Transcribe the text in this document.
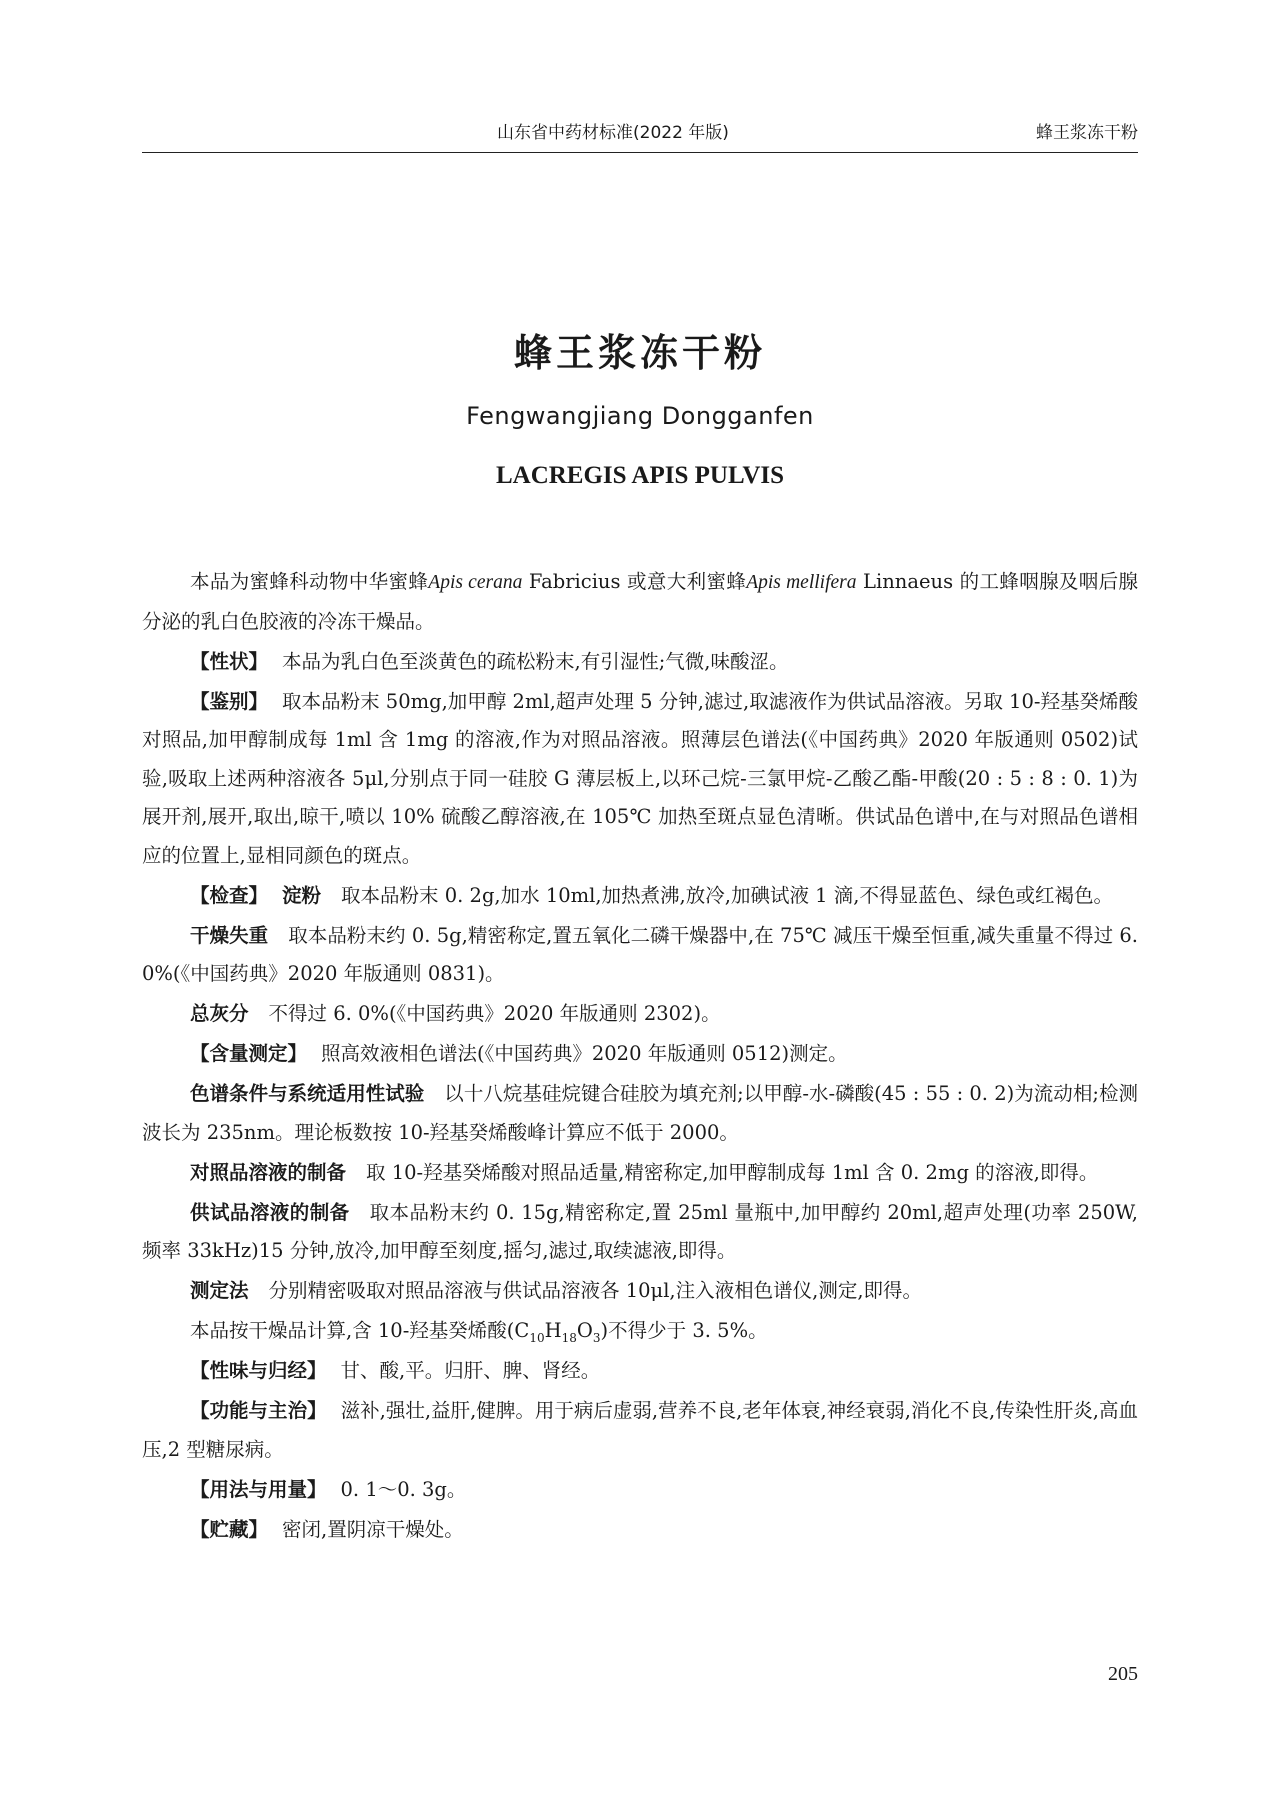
山东省中药材标准(2022 年版)	蜂王浆冻干粉
蜂王浆冻干粉
Fengwangjiang Dongganfen
LACREGIS APIS PULVIS

本品为蜜蜂科动物中华蜜蜂Apis cerana Fabricius 或意大利蜜蜂Apis mellifera Linnaeus 的工蜂咽腺及咽后腺分泌的乳白色胶液的冷冻干燥品。

【性状】 本品为乳白色至淡黄色的疏松粉末,有引湿性;气微,味酸涩。

【鉴别】 取本品粉末 50mg,加甲醇 2ml,超声处理 5 分钟,滤过,取滤液作为供试品溶液。另取 10-羟基癸烯酸对照品,加甲醇制成每 1ml 含 1mg 的溶液,作为对照品溶液。照薄层色谱法(《中国药典》2020 年版通则 0502)试验,吸取上述两种溶液各 5μl,分别点于同一硅胶 G 薄层板上,以环己烷-三氯甲烷-乙酸乙酯-甲酸(20 : 5 : 8 : 0. 1)为展开剂,展开,取出,晾干,喷以 10% 硫酸乙醇溶液,在 105℃ 加热至斑点显色清晰。供试品色谱中,在与对照品色谱相应的位置上,显相同颜色的斑点。

【检查】 淀粉 取本品粉末 0. 2g,加水 10ml,加热煮沸,放冷,加碘试液 1 滴,不得显蓝色、绿色或红褐色。

干燥失重 取本品粉末约 0. 5g,精密称定,置五氧化二磷干燥器中,在 75℃ 减压干燥至恒重,减失重量不得过 6. 0%(《中国药典》2020 年版通则 0831)。

总灰分 不得过 6. 0%(《中国药典》2020 年版通则 2302)。

【含量测定】 照高效液相色谱法(《中国药典》2020 年版通则 0512)测定。

色谱条件与系统适用性试验 以十八烷基硅烷键合硅胶为填充剂;以甲醇-水-磷酸(45 : 55 : 0. 2)为流动相;检测波长为 235nm。理论板数按 10-羟基癸烯酸峰计算应不低于 2000。

对照品溶液的制备 取 10-羟基癸烯酸对照品适量,精密称定,加甲醇制成每 1ml 含 0. 2mg 的溶液,即得。

供试品溶液的制备 取本品粉末约 0. 15g,精密称定,置 25ml 量瓶中,加甲醇约 20ml,超声处理(功率 250W,频率 33kHz)15 分钟,放冷,加甲醇至刻度,摇匀,滤过,取续滤液,即得。

测定法 分别精密吸取对照品溶液与供试品溶液各 10μl,注入液相色谱仪,测定,即得。

本品按干燥品计算,含 10-羟基癸烯酸$(C_{10}H_{18}O_3)$不得少于 3. 5%。

【性味与归经】 甘、酸,平。归肝、脾、肾经。

【功能与主治】 滋补,强壮,益肝,健脾。用于病后虚弱,营养不良,老年体衰,神经衰弱,消化不良,传染性肝炎,高血压,2 型糖尿病。

【用法与用量】 0. 1～0. 3g。

【贮藏】 密闭,置阴凉干燥处。

205
